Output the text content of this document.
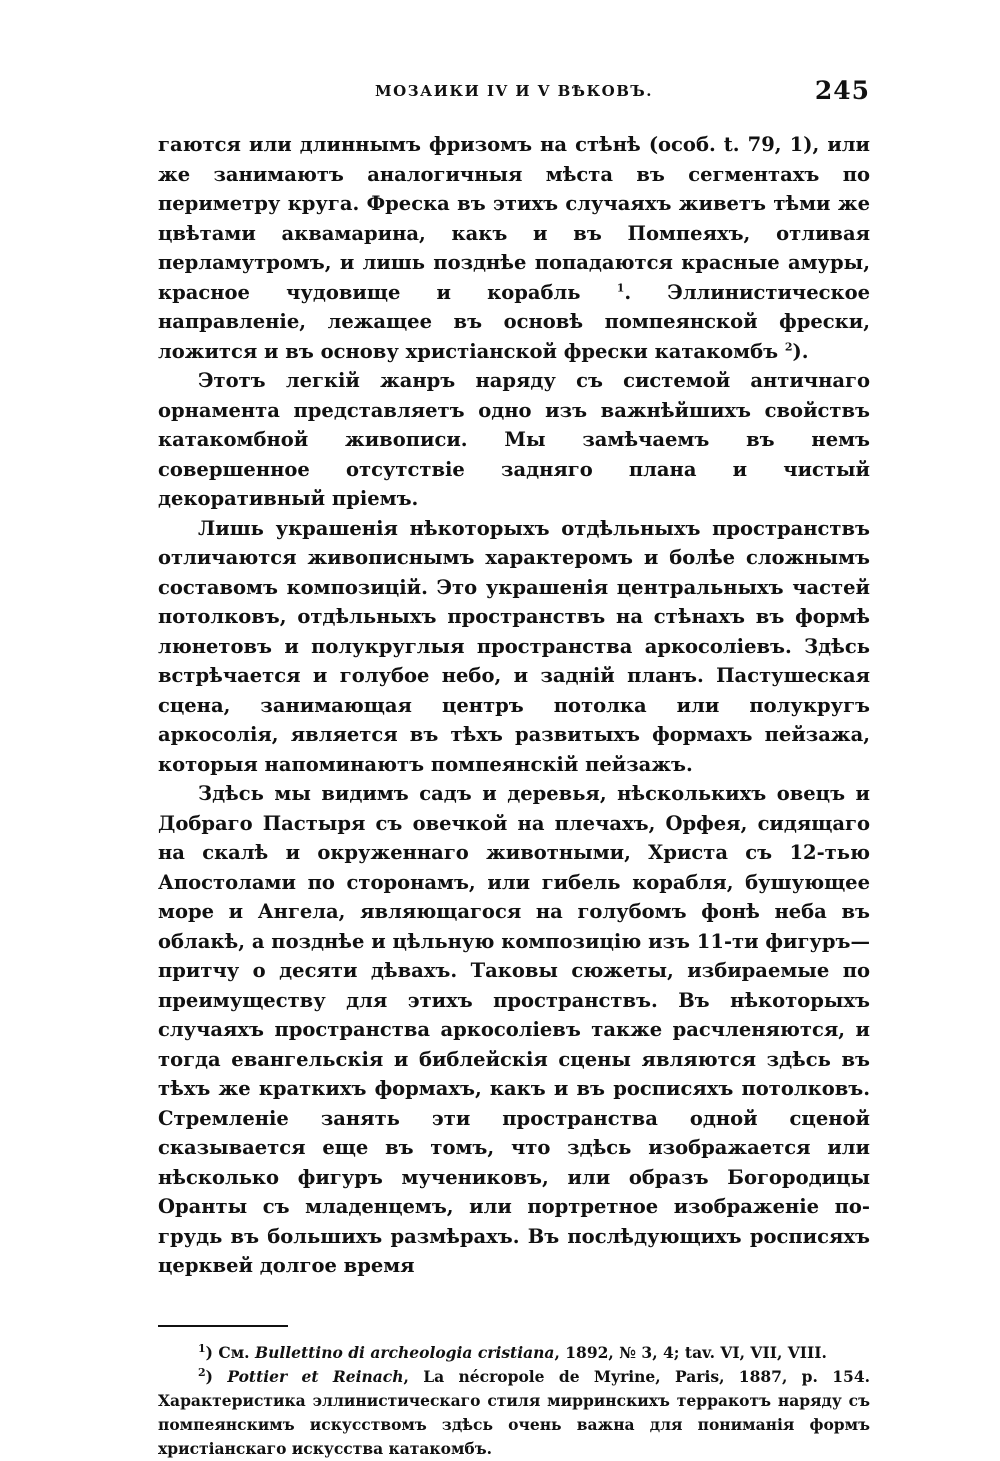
МОЗАИКИ IV И V ВѢКОВЪ.	245

гаются или длиннымъ фризомъ на стѣнѣ (особ. t. 79, 1), или же занимаютъ аналогичныя мѣста въ сегментахъ по периметру круга. Фреска въ этихъ случаяхъ живетъ тѣми же цвѣтами аквамарина, какъ и въ Помпеяхъ, отливая перламутромъ, и лишь позднѣе попадаются красные амуры, красное чудовище и корабль	$^1$. Эллинистическое направленіе, лежащее въ основѣ помпеянской фрески, ложится и въ основу христіанской фрески катакомбъ $^2$).

Этотъ легкій жанръ наряду съ системой античнаго орнамента представляетъ одно изъ важнѣйшихъ свойствъ катакомбной живописи. Мы замѣчаемъ въ немъ совершенное отсутствіе задняго плана и чистый декоративный пріемъ.

Лишь украшенія нѣкоторыхъ отдѣльныхъ пространствъ отличаются живописнымъ характеромъ и болѣе сложнымъ составомъ композицій. Это украшенія центральныхъ частей потолковъ, отдѣльныхъ пространствъ на стѣнахъ въ формѣ люнетовъ и полукруглыя пространства аркосоліевъ. Здѣсь встрѣчается и голубое небо, и задній планъ. Пастушеская сцена, занимающая центръ потолка или полукругъ аркосолія, является въ тѣхъ развитыхъ формахъ пейзажа, которыя напоминаютъ помпеянскій пейзажъ.

Здѣсь мы видимъ садъ и деревья, нѣсколькихъ овецъ и Добраго Пастыря съ овечкой на плечахъ, Орфея, сидящаго на скалѣ и окруженнаго животными, Христа съ 12-тью Апостолами по сторонамъ, или гибель корабля, бушующее море и Ангела, являющагося на голубомъ фонѣ неба въ облакѣ, а позднѣе и цѣльную композицію изъ 11-ти фигуръ—притчу о десяти дѣвахъ. Таковы сюжеты, избираемые по преимуществу для этихъ пространствъ. Въ нѣкоторыхъ случаяхъ пространства аркосоліевъ также расчленяются, и тогда евангельскія и библейскія сцены являются здѣсь въ тѣхъ же краткихъ формахъ, какъ и въ росписяхъ потолковъ. Стремленіе занять эти пространства одной сценой сказывается еще въ томъ, что здѣсь изображается или нѣсколько фигуръ мучениковъ, или образъ Богородицы Оранты съ младенцемъ, или портретное изображеніе по-грудь въ большихъ размѣрахъ. Въ послѣдующихъ росписяхъ церквей долгое время

$^1$) См. Bullettino di archeologia cristiana, 1892, № 3, 4; tav. VI, VII, VIII.

$^2$) Pottier et Reinach, La nécropole de Myrine, Paris, 1887, p. 154. Характеристика эллинистическаго стиля мирринскихъ терракотъ наряду съ помпеянскимъ искусствомъ здѣсь очень важна для пониманія формъ христіанскаго искусства катакомбъ.
